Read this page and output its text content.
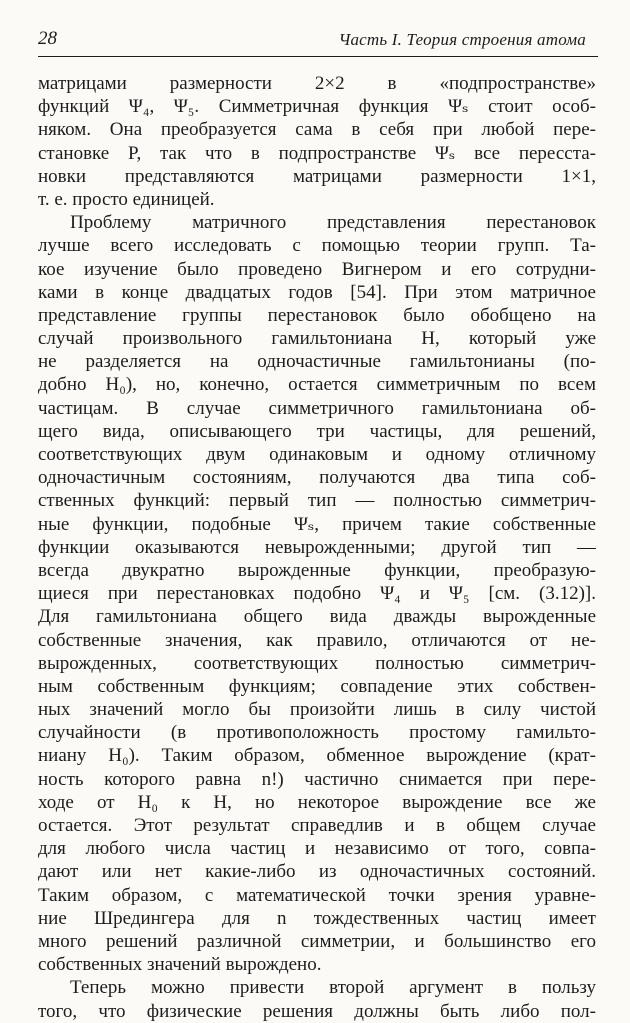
28	Часть I. Теория строения атома
матрицами размерности 2×2 в «подпространстве»
функций Ψ₄, Ψ₅. Симметричная функция Ψₛ стоит особ-
няком. Она преобразуется сама в себя при любой пере-
становке P, так что в подпространстве Ψₛ все пересста-
новки представляются матрицами размерности 1×1,
т. е. просто единицей.
Проблему матричного представления перестановок
лучше всего исследовать с помощью теории групп. Та-
кое изучение было проведено Вигнером и его сотрудни-
ками в конце двадцатых годов [54]. При этом матричное
представление группы перестановок было обобщено на
случай произвольного гамильтониана H, который уже
не разделяется на одночастичные гамильтонианы (по-
добно H₀), но, конечно, остается симметричным по всем
частицам. В случае симметричного гамильтониана об-
щего вида, описывающего три частицы, для решений,
соответствующих двум одинаковым и одному отличному
одночастичным состояниям, получаются два типа соб-
ственных функций: первый тип — полностью симметрич-
ные функции, подобные Ψₛ, причем такие собственные
функции оказываются невырожденными; другой тип —
всегда двукратно вырожденные функции, преобразую-
щиеся при перестановках подобно Ψ₄ и Ψ₅ [см. (3.12)].
Для гамильтониана общего вида дважды вырожденные
собственные значения, как правило, отличаются от не-
вырожденных, соответствующих полностью симметрич-
ным собственным функциям; совпадение этих собствен-
ных значений могло бы произойти лишь в силу чистой
случайности (в противоположность простому гамильто-
ниану H₀). Таким образом, обменное вырождение (крат-
ность которого равна n!) частично снимается при пере-
ходе от H₀ к H, но некоторое вырождение все же
остается. Этот результат справедлив и в общем случае
для любого числа частиц и независимо от того, совпа-
дают или нет какие-либо из одночастичных состояний.
Таким образом, с математической точки зрения уравне-
ние Шредингера для n тождественных частиц имеет
много решений различной симметрии, и большинство его
собственных значений вырождено.
Теперь можно привести второй аргумент в пользу
того, что физические решения должны быть либо пол-
